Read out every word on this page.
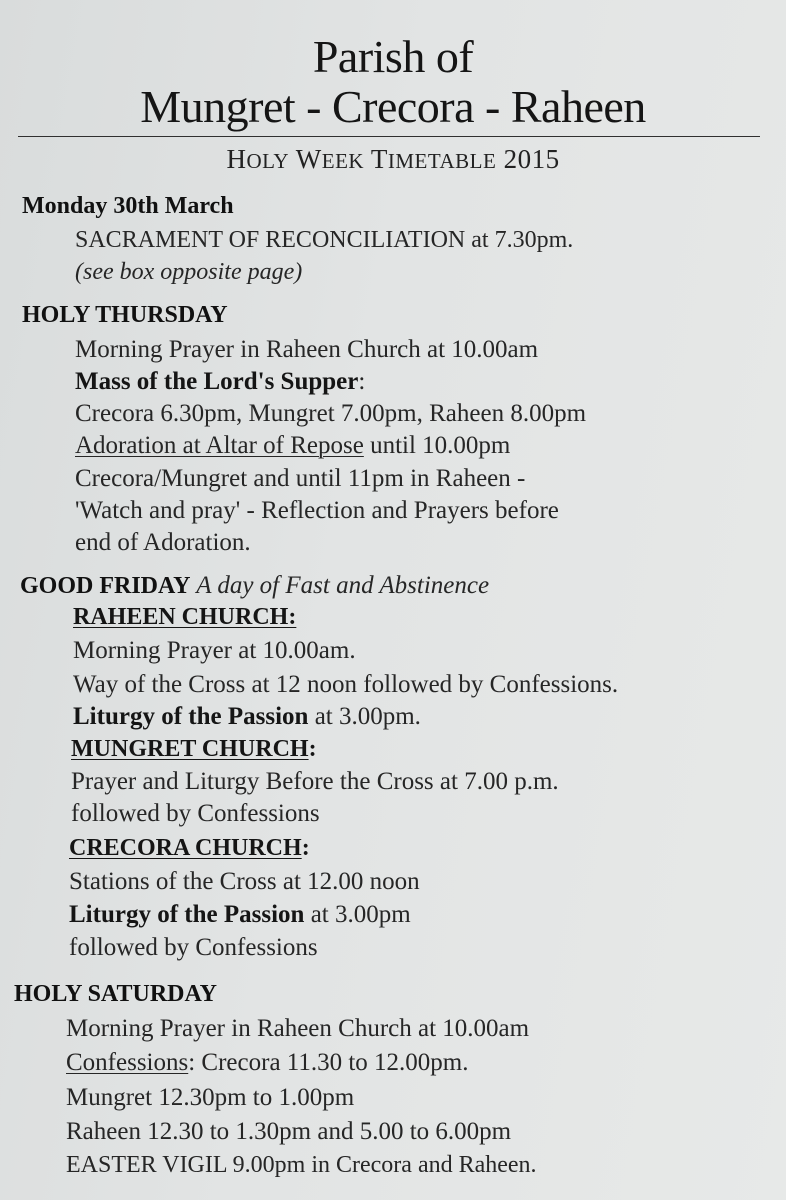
Parish of
Mungret - Crecora - Raheen
HOLY WEEK TIMETABLE 2015
Monday 30th March
SACRAMENT OF RECONCILIATION at 7.30pm.
(see box opposite page)
HOLY THURSDAY
Morning Prayer in Raheen Church at 10.00am
Mass of the Lord's Supper:
Crecora 6.30pm, Mungret 7.00pm, Raheen 8.00pm
Adoration at Altar of Repose until 10.00pm
Crecora/Mungret and until 11pm in Raheen -
'Watch and pray' - Reflection and Prayers before
end of Adoration.
GOOD FRIDAY A day of Fast and Abstinence
RAHEEN CHURCH:
Morning Prayer at 10.00am.
Way of the Cross at 12 noon followed by Confessions.
Liturgy of the Passion at 3.00pm.
MUNGRET CHURCH:
Prayer and Liturgy Before the Cross at 7.00 p.m.
followed by Confessions
CRECORA CHURCH:
Stations of the Cross at 12.00 noon
Liturgy of the Passion at 3.00pm
followed by Confessions
HOLY SATURDAY
Morning Prayer in Raheen Church at 10.00am
Confessions: Crecora 11.30 to 12.00pm.
Mungret 12.30pm to 1.00pm
Raheen 12.30 to 1.30pm and 5.00 to 6.00pm
EASTER VIGIL 9.00pm in Crecora and Raheen.
